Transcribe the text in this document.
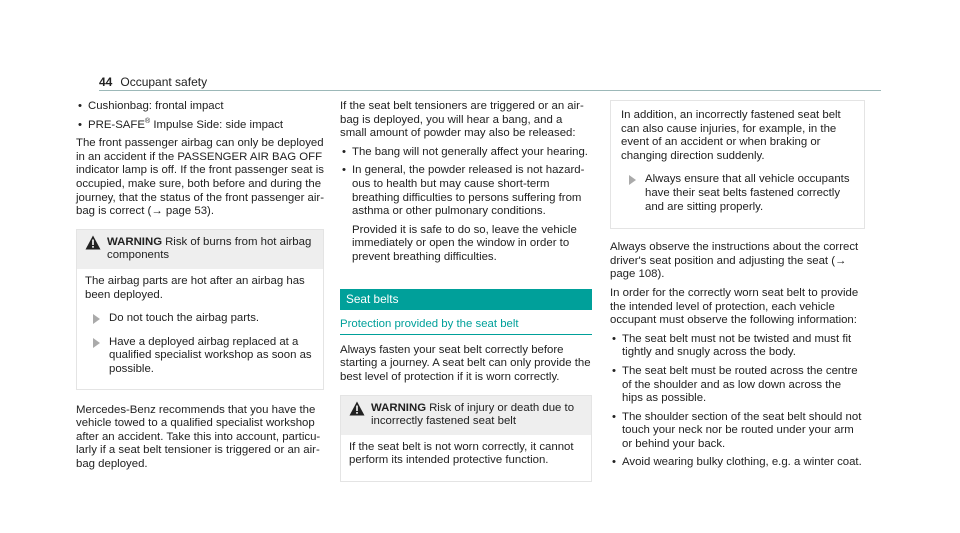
44 Occupant safety
• Cushionbag: frontal impact
• PRE-SAFE® Impulse Side: side impact

The front passenger airbag can only be deployed in an accident if the PASSENGER AIR BAG OFF indicator lamp is off. If the front passenger seat is occupied, make sure, both before and during the journey, that the status of the front passenger air-bag is correct (→ page 53).

WARNING Risk of burns from hot airbag components

The airbag parts are hot after an airbag has been deployed.

Do not touch the airbag parts.
Have a deployed airbag replaced at a qualified specialist workshop as soon as possible.

Mercedes-Benz recommends that you have the vehicle towed to a qualified specialist workshop after an accident. Take this into account, particu-larly if a seat belt tensioner is triggered or an air-bag deployed.

If the seat belt tensioners are triggered or an air-bag is deployed, you will hear a bang, and a small amount of powder may also be released:

• The bang will not generally affect your hearing.
• In general, the powder released is not hazard-ous to health but may cause short-term breathing difficulties to persons suffering from asthma or other pulmonary conditions.

Provided it is safe to do so, leave the vehicle immediately or open the window in order to prevent breathing difficulties.

Seat belts
Protection provided by the seat belt

Always fasten your seat belt correctly before starting a journey. A seat belt can only provide the best level of protection if it is worn correctly.

WARNING Risk of injury or death due to incorrectly fastened seat belt

If the seat belt is not worn correctly, it cannot perform its intended protective function.

In addition, an incorrectly fastened seat belt can also cause injuries, for example, in the event of an accident or when braking or changing direction suddenly.

Always ensure that all vehicle occupants have their seat belts fastened correctly and are sitting properly.

Always observe the instructions about the correct driver's seat position and adjusting the seat (→ page 108).

In order for the correctly worn seat belt to provide the intended level of protection, each vehicle occupant must observe the following information:

• The seat belt must not be twisted and must fit tightly and snugly across the body.
• The seat belt must be routed across the centre of the shoulder and as low down across the hips as possible.
• The shoulder section of the seat belt should not touch your neck nor be routed under your arm or behind your back.
• Avoid wearing bulky clothing, e.g. a winter coat.
